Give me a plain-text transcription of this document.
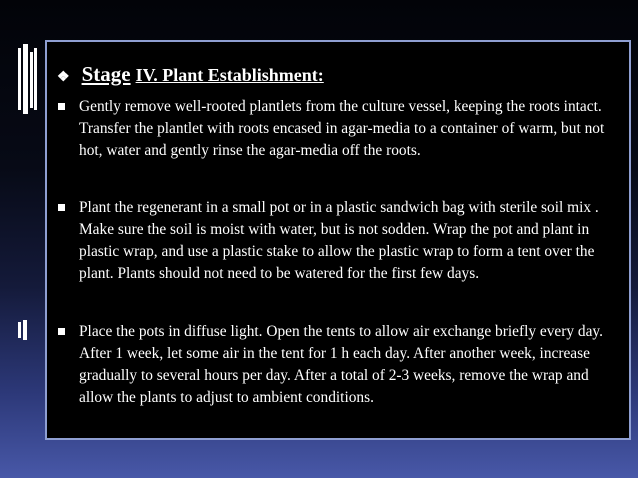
❖ Stage IV. Plant Establishment:
Gently remove well-rooted plantlets from the culture vessel, keeping the roots intact. Transfer the plantlet with roots encased in agar-media to a container of warm, but not hot, water and gently rinse the agar-media off the roots.
Plant the regenerant in a small pot or in a plastic sandwich bag with sterile soil mix . Make sure the soil is moist with water, but is not sodden. Wrap the pot and plant in plastic wrap, and use a plastic stake to allow the plastic wrap to form a tent over the plant. Plants should not need to be watered for the first few days.
Place the pots in diffuse light. Open the tents to allow air exchange briefly every day. After 1 week, let some air in the tent for 1 h each day. After another week, increase gradually to several hours per day. After a total of 2-3 weeks, remove the wrap and allow the plants to adjust to ambient conditions.
